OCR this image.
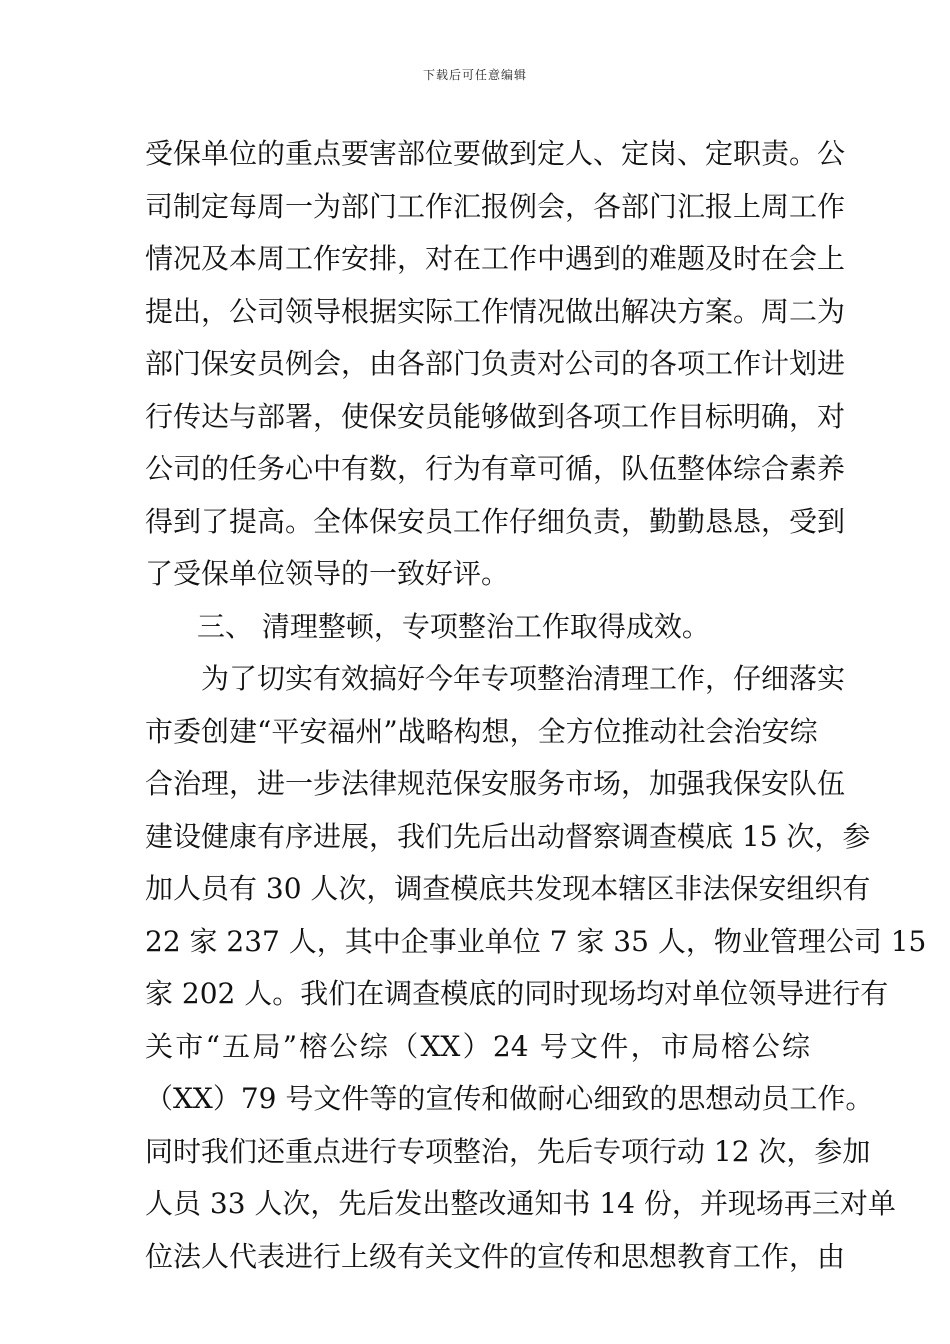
下载后可任意编辑
受保单位的重点要害部位要做到定人、定岗、定职责。公
司制定每周一为部门工作汇报例会，各部门汇报上周工作
情况及本周工作安排，对在工作中遇到的难题及时在会上
提出，公司领导根据实际工作情况做出解决方案。周二为
部门保安员例会，由各部门负责对公司的各项工作计划进
行传达与部署，使保安员能够做到各项工作目标明确，对
公司的任务心中有数，行为有章可循，队伍整体综合素养
得到了提高。全体保安员工作仔细负责，勤勤恳恳，受到
了受保单位领导的一致好评。
三、 清理整顿，专项整治工作取得成效。
为了切实有效搞好今年专项整治清理工作，仔细落实
市委创建“平安福州”战略构想，全方位推动社会治安综
合治理，进一步法律规范保安服务市场，加强我保安队伍
建设健康有序进展，我们先后出动督察调查模底 15 次，参
加人员有 30 人次，调查模底共发现本辖区非法保安组织有
22 家 237 人，其中企事业单位 7 家 35 人，物业管理公司 15
家 202 人。我们在调查模底的同时现场均对单位领导进行有
关市“五局”榕公综（XX）24 号文件，市局榕公综
（XX）79 号文件等的宣传和做耐心细致的思想动员工作。
同时我们还重点进行专项整治，先后专项行动 12 次，参加
人员 33 人次，先后发出整改通知书 14 份，并现场再三对单
位法人代表进行上级有关文件的宣传和思想教育工作，由
